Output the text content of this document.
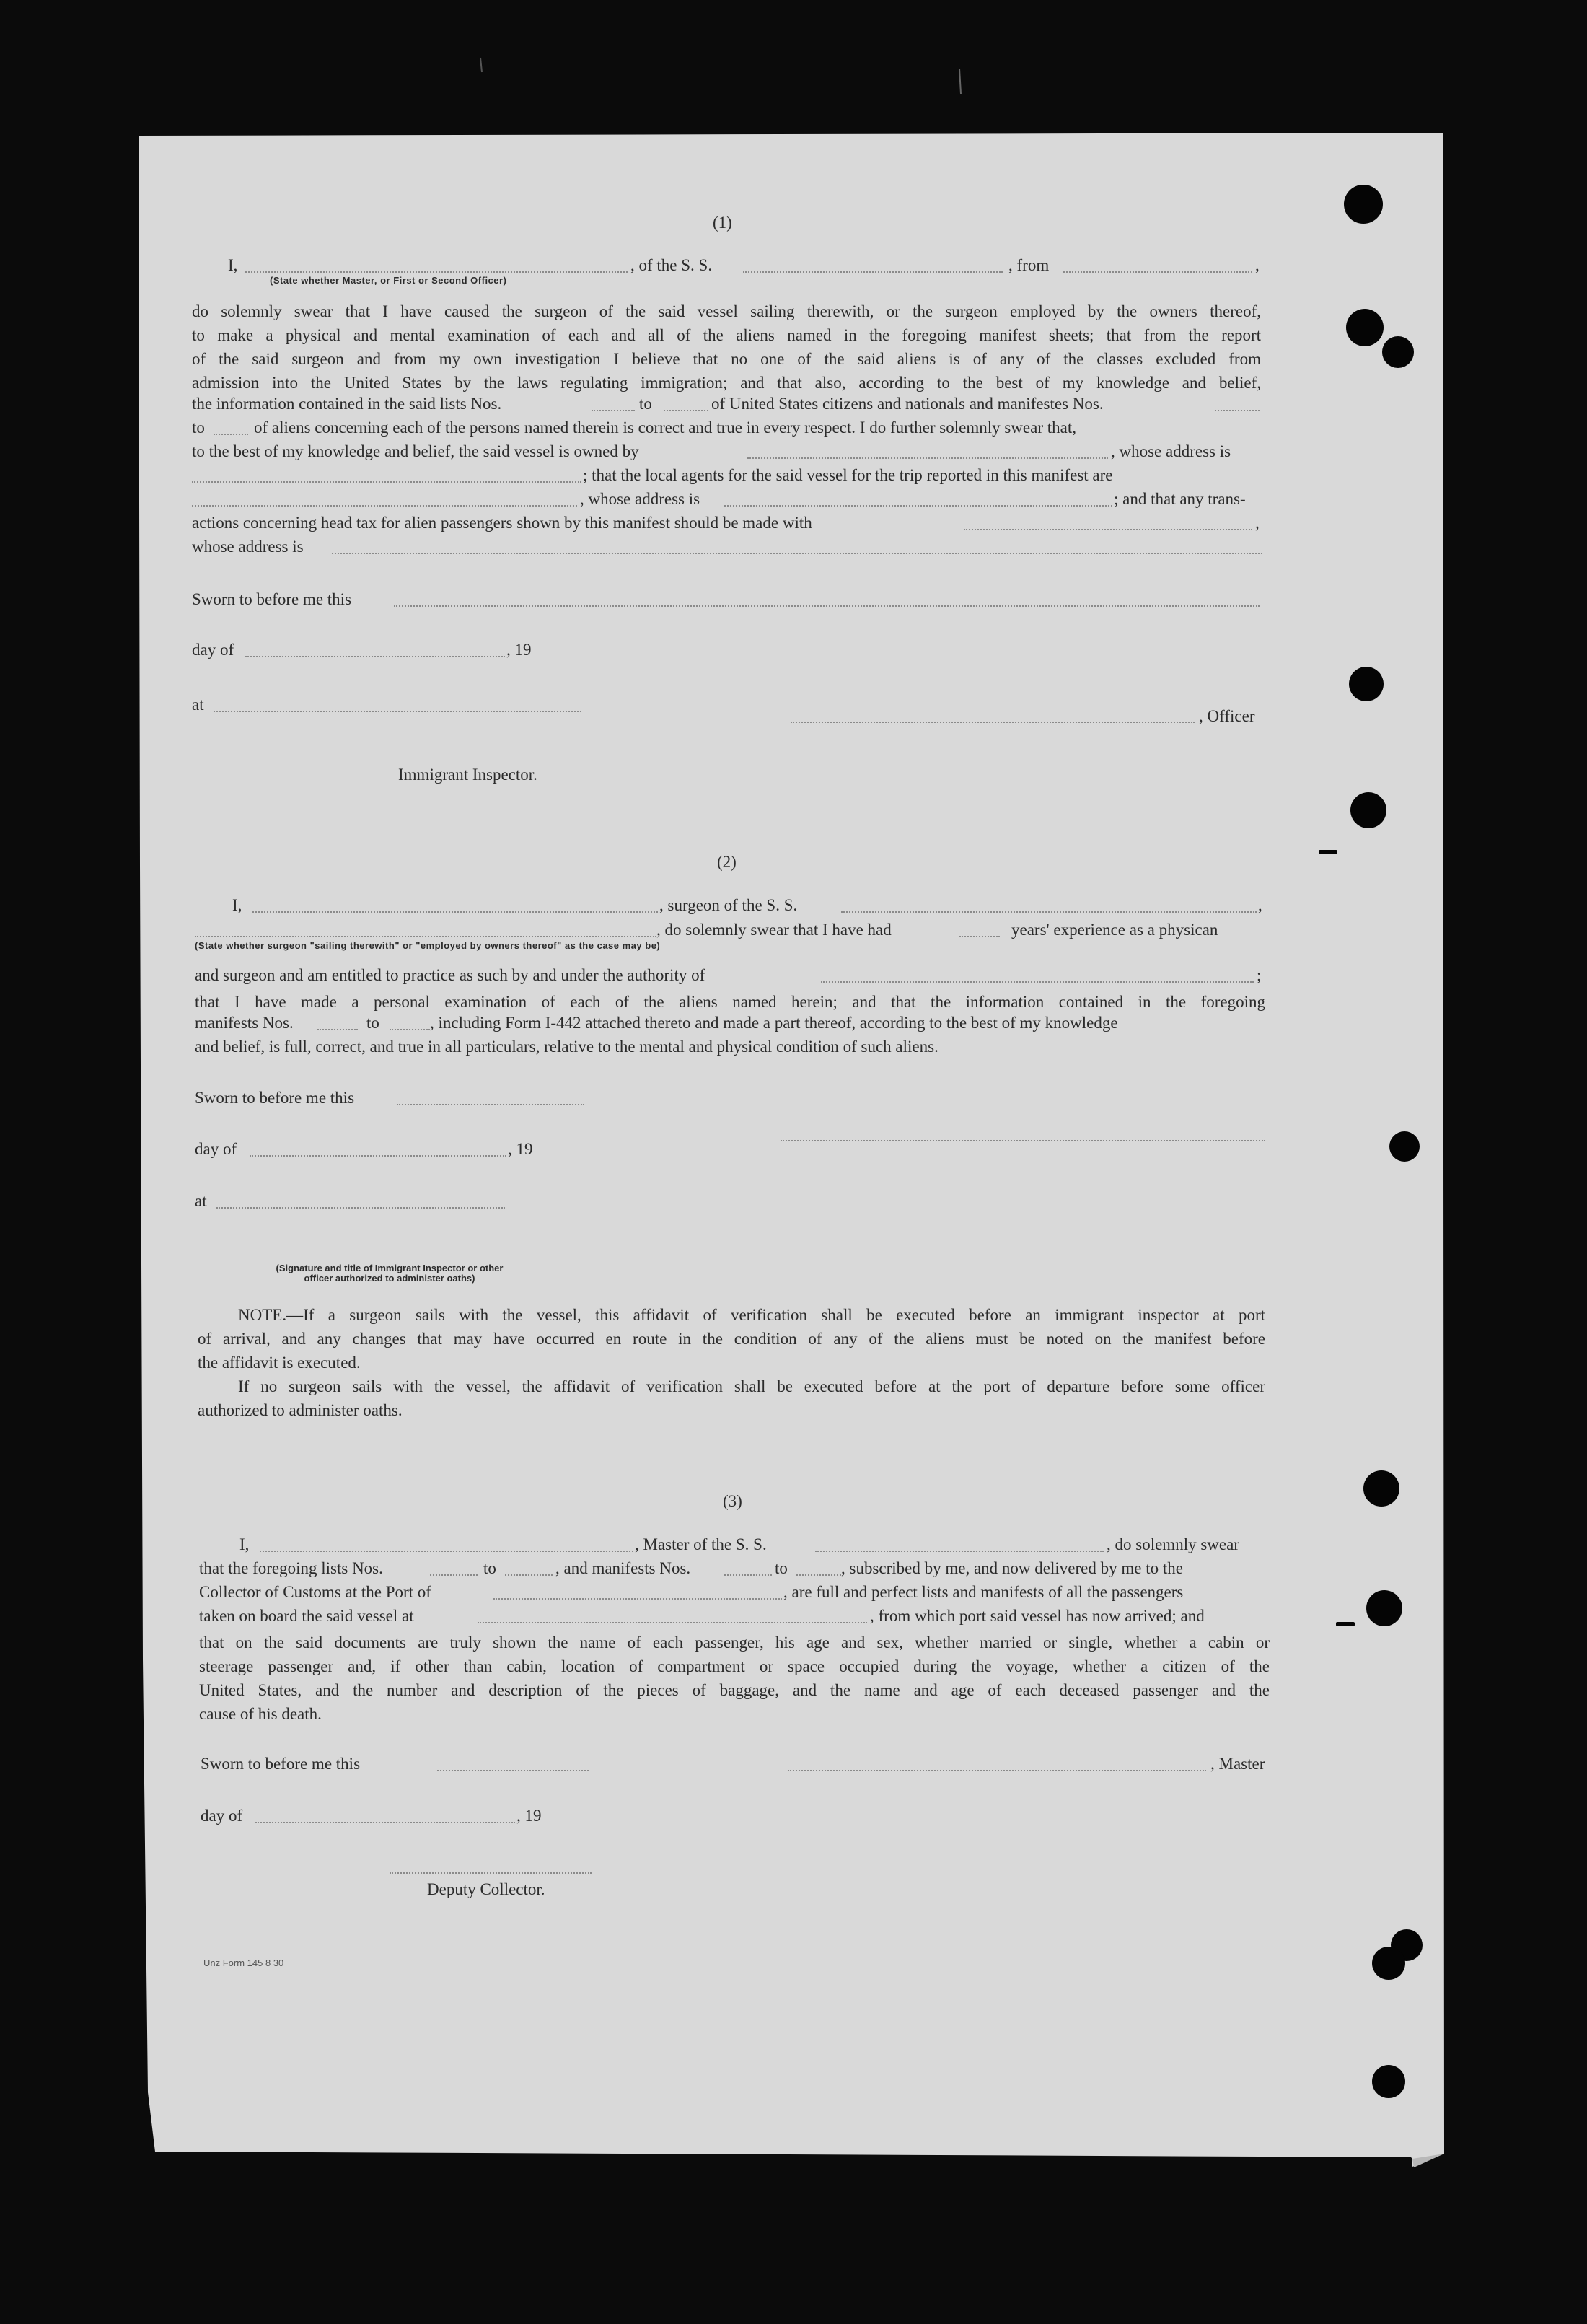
(1)
I,	, of the S. S.	, from	,
(State whether Master, or First or Second Officer)
do solemnly swear that I have caused the surgeon of the said vessel sailing therewith, or the surgeon employed by the owners thereof,
to make a physical and mental examination of each and all of the aliens named in the foregoing manifest sheets; that from the report
of the said surgeon and from my own investigation I believe that no one of the said aliens is of any of the classes excluded from
admission into the United States by the laws regulating immigration; and that also, according to the best of my knowledge and belief,
the information contained in the said lists Nos.	to	of United States citizens and nationals and manifestes Nos.
to	of aliens concerning each of the persons named therein is correct and true in every respect. I do further solemnly swear that,
to the best of my knowledge and belief, the said vessel is owned by	, whose address is
; that the local agents for the said vessel for the trip reported in this manifest are
, whose address is	; and that any trans-
actions concerning head tax for alien passengers shown by this manifest should be made with	,
whose address is
Sworn to before me this
day of	, 19
at
, Officer
Immigrant Inspector.
(2)
I,	, surgeon of the S. S.	,
, do solemnly swear that I have had	years' experience as a physican
(State whether surgeon "sailing therewith" or "employed by owners thereof" as the case may be)
and surgeon and am entitled to practice as such by and under the authority of	;
that I have made a personal examination of each of the aliens named herein; and that the information contained in the foregoing
manifests Nos.	to	, including Form I-442 attached thereto and made a part thereof, according to the best of my knowledge
and belief, is full, correct, and true in all particulars, relative to the mental and physical condition of such aliens.
Sworn to before me this
day of	, 19
at
(Signature and title of Immigrant Inspector or other
officer authorized to administer oaths)
NOTE.—If a surgeon sails with the vessel, this affidavit of verification shall be executed before an immigrant inspector at port
of arrival, and any changes that may have occurred en route in the condition of any of the aliens must be noted on the manifest before
the affidavit is executed.
If no surgeon sails with the vessel, the affidavit of verification shall be executed before at the port of departure before some officer
authorized to administer oaths.
(3)
I,	, Master of the S. S.	, do solemnly swear
that the foregoing lists Nos.	to	, and manifests Nos.	to	, subscribed by me, and now delivered by me to the
Collector of Customs at the Port of	, are full and perfect lists and manifests of all the passengers
taken on board the said vessel at	, from which port said vessel has now arrived; and
that on the said documents are truly shown the name of each passenger, his age and sex, whether married or single, whether a cabin or
steerage passenger and, if other than cabin, location of compartment or space occupied during the voyage, whether a citizen of the
United States, and the number and description of the pieces of baggage, and the name and age of each deceased passenger and the
cause of his death.
Sworn to before me this	, Master
day of	, 19
Deputy Collector.
Unz Form 145 8 30
